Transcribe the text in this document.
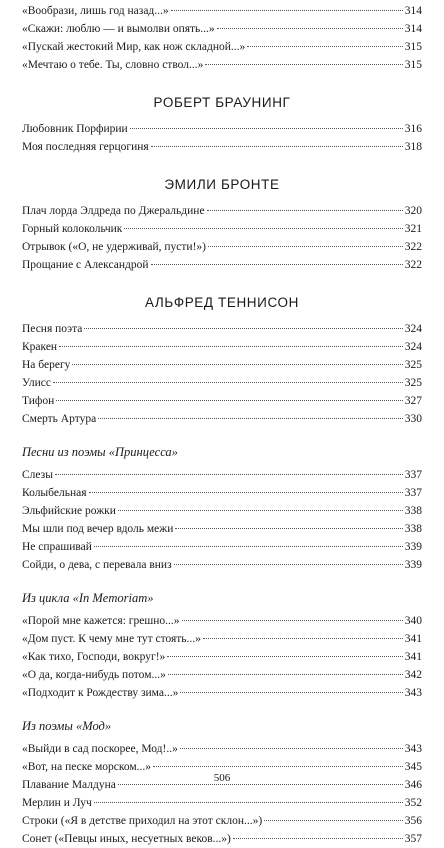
«Вообрази, лишь год назад...»	314
«Скажи: люблю — и вымолви опять...»	314
«Пускай жестокий Мир, как нож складной...»	315
«Мечтаю о тебе. Ты, словно ствол...»	315
РОБЕРТ БРАУНИНГ
Любовник Порфирии	316
Моя последняя герцогиня	318
ЭМИЛИ БРОНТЕ
Плач лорда Элдреда по Джеральдине	320
Горный колокольчик	321
Отрывок («О, не удерживай, пусти!»)	322
Прощание с Александрой	322
АЛЬФРЕД ТЕННИСОН
Песня поэта	324
Кракен	324
На берегу	325
Улисс	325
Тифон	327
Смерть Артура	330
Песни из поэмы «Принцесса»
Слезы	337
Колыбельная	337
Эльфийские рожки	338
Мы шли под вечер вдоль межи	338
Не спрашивай	339
Сойди, о дева, с перевала вниз	339
Из цикла «In Memoriam»
«Порой мне кажется: грешно...»	340
«Дом пуст. К чему мне тут стоять...»	341
«Как тихо, Господи, вокруг!»	341
«О да, когда-нибудь потом...»	342
«Подходит к Рождеству зима...»	343
Из поэмы «Мод»
«Выйди в сад поскорее, Мод!..»	343
«Вот, на песке морском...»	345
Плавание Малдуна	346
Мерлин и Луч	352
Строки («Я в детстве приходил на этот склон...»)	356
Сонет («Певцы иных, несуетных веков...»)	357
506
